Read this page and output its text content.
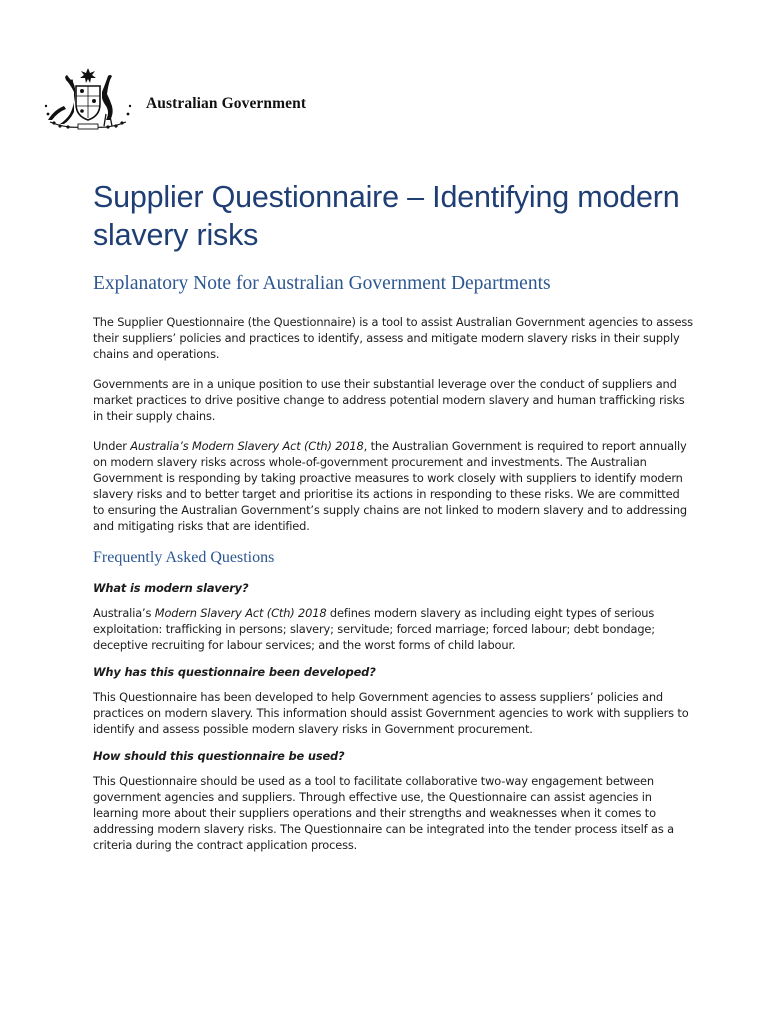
Australian Government
Supplier Questionnaire – Identifying modern slavery risks
Explanatory Note for Australian Government Departments

The Supplier Questionnaire (the Questionnaire) is a tool to assist Australian Government agencies to assess their suppliers’ policies and practices to identify, assess and mitigate modern slavery risks in their supply chains and operations.

Governments are in a unique position to use their substantial leverage over the conduct of suppliers and market practices to drive positive change to address potential modern slavery and human trafficking risks in their supply chains.

Under Australia’s Modern Slavery Act (Cth) 2018, the Australian Government is required to report annually on modern slavery risks across whole-of-government procurement and investments. The Australian Government is responding by taking proactive measures to work closely with suppliers to identify modern slavery risks and to better target and prioritise its actions in responding to these risks. We are committed to ensuring the Australian Government’s supply chains are not linked to modern slavery and to addressing and mitigating risks that are identified.

Frequently Asked Questions

What is modern slavery?

Australia’s Modern Slavery Act (Cth) 2018 defines modern slavery as including eight types of serious exploitation: trafficking in persons; slavery; servitude; forced marriage; forced labour; debt bondage; deceptive recruiting for labour services; and the worst forms of child labour.

Why has this questionnaire been developed?

This Questionnaire has been developed to help Government agencies to assess suppliers’ policies and practices on modern slavery. This information should assist Government agencies to work with suppliers to identify and assess possible modern slavery risks in Government procurement.

How should this questionnaire be used?

This Questionnaire should be used as a tool to facilitate collaborative two-way engagement between government agencies and suppliers. Through effective use, the Questionnaire can assist agencies in learning more about their suppliers operations and their strengths and weaknesses when it comes to addressing modern slavery risks. The Questionnaire can be integrated into the tender process itself as a criteria during the contract application process.
